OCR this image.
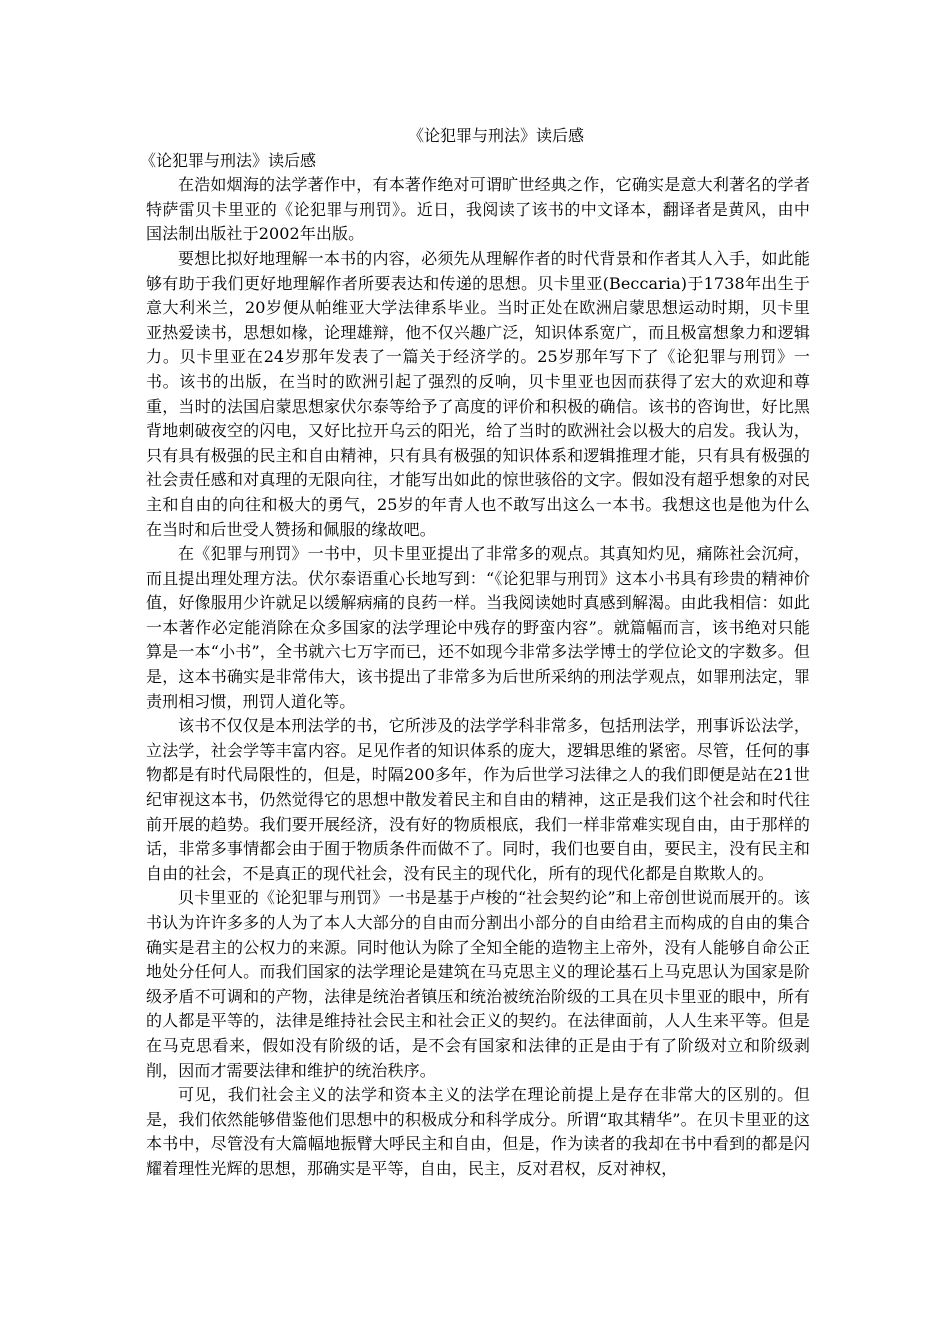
《论犯罪与刑法》读后感

《论犯罪与刑法》读后感

在浩如烟海的法学著作中，有本著作绝对可谓旷世经典之作，它确实是意大利著名的学者特萨雷贝卡里亚的《论犯罪与刑罚》。近日，我阅读了该书的中文译本，翻译者是黄风，由中国法制出版社于2002年出版。

要想比拟好地理解一本书的内容，必须先从理解作者的时代背景和作者其人入手，如此能够有助于我们更好地理解作者所要表达和传递的思想。贝卡里亚(Beccaria)于1738年出生于意大利米兰，20岁便从帕维亚大学法律系毕业。当时正处在欧洲启蒙思想运动时期，贝卡里亚热爱读书，思想如椽，论理雄辩，他不仅兴趣广泛，知识体系宽广，而且极富想象力和逻辑力。贝卡里亚在24岁那年发表了一篇关于经济学的。25岁那年写下了《论犯罪与刑罚》一书。该书的出版，在当时的欧洲引起了强烈的反响，贝卡里亚也因而获得了宏大的欢迎和尊重，当时的法国启蒙思想家伏尔泰等给予了高度的评价和积极的确信。该书的咨询世，好比黑背地刺破夜空的闪电，又好比拉开乌云的阳光，给了当时的欧洲社会以极大的启发。我认为，只有具有极强的民主和自由精神，只有具有极强的知识体系和逻辑推理才能，只有具有极强的社会责任感和对真理的无限向往，才能写出如此的惊世骇俗的文字。假如没有超乎想象的对民主和自由的向往和极大的勇气，25岁的年青人也不敢写出这么一本书。我想这也是他为什么在当时和后世受人赞扬和佩服的缘故吧。

在《犯罪与刑罚》一书中，贝卡里亚提出了非常多的观点。其真知灼见，痛陈社会沉疴，而且提出理处理方法。伏尔泰语重心长地写到：“《论犯罪与刑罚》这本小书具有珍贵的精神价值，好像服用少许就足以缓解病痛的良药一样。当我阅读她时真感到解渴。由此我相信：如此一本著作必定能消除在众多国家的法学理论中残存的野蛮内容”。就篇幅而言，该书绝对只能算是一本“小书”，全书就六七万字而已，还不如现今非常多法学博士的学位论文的字数多。但是，这本书确实是非常伟大，该书提出了非常多为后世所采纳的刑法学观点，如罪刑法定，罪责刑相习惯，刑罚人道化等。

该书不仅仅是本刑法学的书，它所涉及的法学学科非常多，包括刑法学，刑事诉讼法学，立法学，社会学等丰富内容。足见作者的知识体系的庞大，逻辑思维的紧密。尽管，任何的事物都是有时代局限性的，但是，时隔200多年，作为后世学习法律之人的我们即便是站在21世纪审视这本书，仍然觉得它的思想中散发着民主和自由的精神，这正是我们这个社会和时代往前开展的趋势。我们要开展经济，没有好的物质根底，我们一样非常难实现自由，由于那样的话，非常多事情都会由于囿于物质条件而做不了。同时，我们也要自由，要民主，没有民主和自由的社会，不是真正的现代社会，没有民主的现代化，所有的现代化都是自欺欺人的。

贝卡里亚的《论犯罪与刑罚》一书是基于卢梭的“社会契约论”和上帝创世说而展开的。该书认为许许多多的人为了本人大部分的自由而分割出小部分的自由给君主而构成的自由的集合确实是君主的公权力的来源。同时他认为除了全知全能的造物主上帝外，没有人能够自命公正地处分任何人。而我们国家的法学理论是建筑在马克思主义的理论基石上马克思认为国家是阶级矛盾不可调和的产物，法律是统治者镇压和统治被统治阶级的工具在贝卡里亚的眼中，所有的人都是平等的，法律是维持社会民主和社会正义的契约。在法律面前，人人生来平等。但是在马克思看来，假如没有阶级的话，是不会有国家和法律的正是由于有了阶级对立和阶级剥削，因而才需要法律和维护的统治秩序。

可见，我们社会主义的法学和资本主义的法学在理论前提上是存在非常大的区别的。但是，我们依然能够借鉴他们思想中的积极成分和科学成分。所谓“取其精华”。在贝卡里亚的这本书中，尽管没有大篇幅地振臂大呼民主和自由，但是，作为读者的我却在书中看到的都是闪耀着理性光辉的思想，那确实是平等，自由，民主，反对君权，反对神权，
